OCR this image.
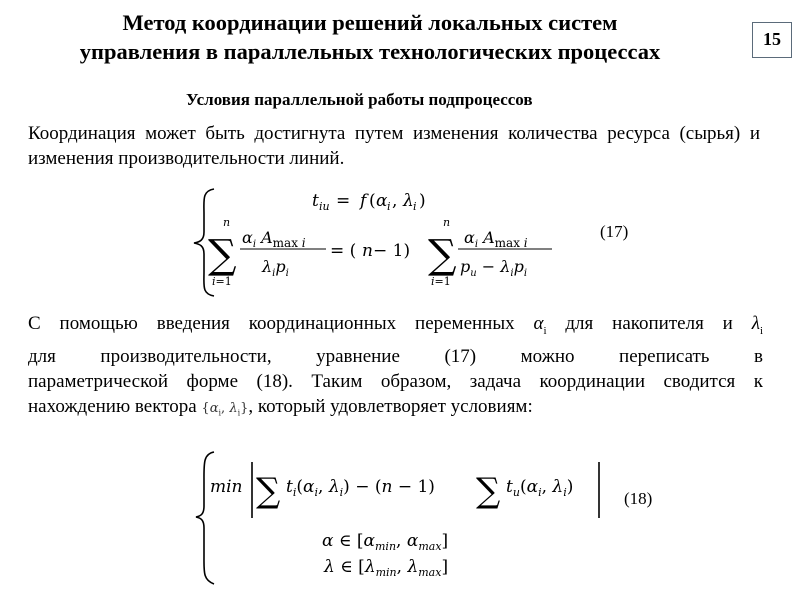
Метод координации решений локальных систем
управления в параллельных технологических процессах	15
Условия параллельной работы подпроцессов
Координация может быть достигнута путем изменения количества ресурса (сырья) и изменения производительности линий.
t iu = f ( α i , λ i )
n
∑
i=1
$\alpha_i$ $A_{max}$ i
$\lambda_ip_i$
= ( n − 1)
n
∑
i=1
$\alpha_i$ $A_{max}$ i
$p_u - \lambda_ip_i$
(17)
С помощью введения координационных переменных $\alpha_i$ для накопителя и $\lambda_i$
для производительности, уравнение (17) можно переписать в
параметрической форме (18). Таким образом, задача координации сводится к
нахождению вектора {$\alpha_i$, $\lambda_i$}, который удовлетворяет условиям:
min ∑ $t_i(\alpha_i$, $\lambda_i) - (n - 1)$ ∑ $t_u(\alpha_i$, $\lambda_i$)
α ∈ [$\alpha_{min}$, $\alpha_{max}$]
λ ∈ [$\lambda_{min}$, $\lambda_{max}$]
(18)
